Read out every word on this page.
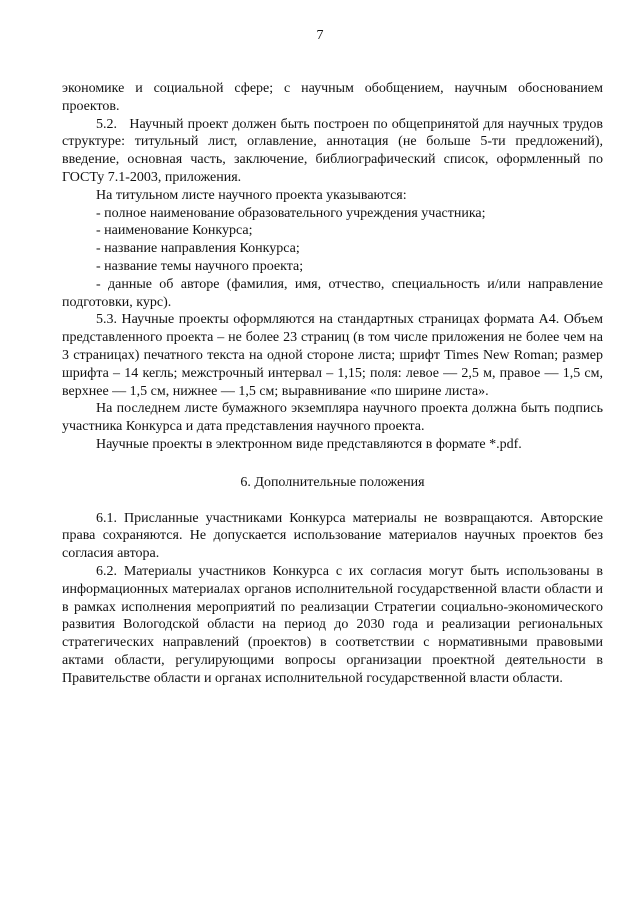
7

экономике и социальной сфере; с научным обобщением, научным обоснованием проектов.

5.2.   Научный проект должен быть построен по общепринятой для научных трудов структуре: титульный лист, оглавление, аннотация (не больше 5-ти предложений), введение, основная часть, заключение, библиографический список, оформленный по ГОСТу 7.1-2003, приложения.

На титульном листе научного проекта указываются:

- полное наименование образовательного учреждения участника;

- наименование Конкурса;

- название направления Конкурса;

- название темы научного проекта;

- данные об авторе (фамилия, имя, отчество, специальность и/или направление подготовки, курс).

5.3. Научные проекты оформляются на стандартных страницах формата А4. Объем представленного проекта – не более 23 страниц (в том числе приложения не более чем на 3 страницах) печатного текста на одной стороне листа; шрифт Times New Roman; размер шрифта – 14 кегль; межстрочный интервал – 1,15; поля: левое — 2,5 м, правое — 1,5 см, верхнее — 1,5 см, нижнее — 1,5 см; выравнивание «по ширине листа».

На последнем листе бумажного экземпляра научного проекта должна быть подпись участника Конкурса и дата представления научного проекта.

Научные проекты в электронном виде представляются в формате *.pdf.

6. Дополнительные положения

6.1. Присланные участниками Конкурса материалы не возвращаются. Авторские права сохраняются. Не допускается использование материалов научных проектов без согласия автора.

6.2. Материалы участников Конкурса с их согласия могут быть использованы в информационных материалах органов исполнительной государственной власти области и в рамках исполнения мероприятий по реализации Стратегии социально-экономического развития Вологодской области на период до 2030 года и реализации региональных стратегических направлений (проектов) в соответствии с нормативными правовыми актами области, регулирующими вопросы организации проектной деятельности в Правительстве области и органах исполнительной государственной власти области.
